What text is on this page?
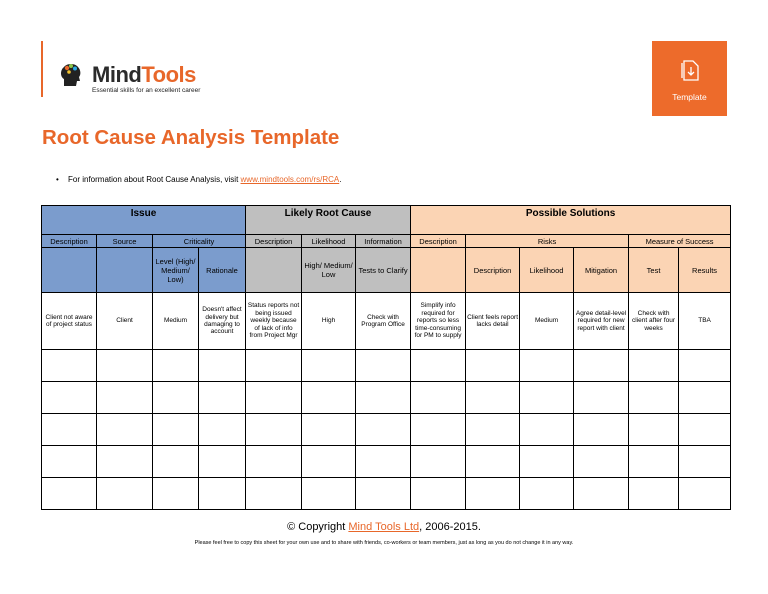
MindTools
Essential skills for an excellent career
Template
Root Cause Analysis Template
• For information about Root Cause Analysis, visit www.mindtools.com/rs/RCA.
Issue				Likely Root Cause			Possible Solutions					
Description	Source	Criticality		Description	Likelihood	Information	Description	Risks			Measure of Success	
		Level (High/ Medium/ Low)	Rationale		High/ Medium/ Low	Tests to Clarify		Description	Likelihood	Mitigation	Test	Results
Client not aware of project status	Client	Medium	Doesn't affect delivery but damaging to account	Status reports not being issued weekly because of lack of info from Project Mgr	High	Check with Program Office	Simplify info required for reports so less time-consuming for PM to supply	Client feels report lacks detail	Medium	Agree detail-level required for new report with client	Check with client after four weeks	TBA

© Copyright Mind Tools Ltd, 2006-2015.
Please feel free to copy this sheet for your own use and to share with friends, co-workers or team members, just as long as you do not change it in any way.
